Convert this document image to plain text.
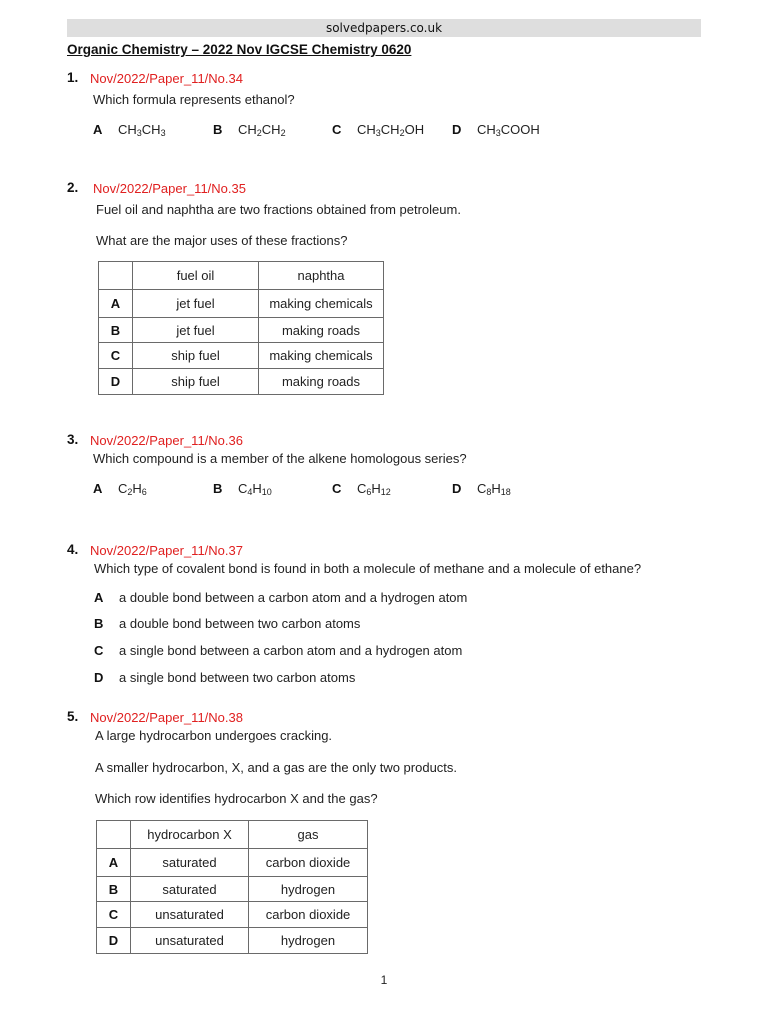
solvedpapers.co.uk
Organic Chemistry – 2022 Nov IGCSE Chemistry 0620
1. Nov/2022/Paper_11/No.34
Which formula represents ethanol?
A $CH_3CH_3$	B $CH_2CH_2$	C $CH_3CH_2OH$ D $CH_3COOH$
2. Nov/2022/Paper_11/No.35
Fuel oil and naphtha are two fractions obtained from petroleum.
What are the major uses of these fractions?
	fuel oil	naphtha
A	jet fuel	making chemicals
B	jet fuel	making roads
C	ship fuel	making chemicals
D	ship fuel	making roads
3. Nov/2022/Paper_11/No.36
Which compound is a member of the alkene homologous series?
A $C_2H_6$	B $C_4H_{10}$	C $C_6H_{12}$	D $C_8H_{18}$
4. Nov/2022/Paper_11/No.37
Which type of covalent bond is found in both a molecule of methane and a molecule of ethane?
A a double bond between a carbon atom and a hydrogen atom
B a double bond between two carbon atoms
C a single bond between a carbon atom and a hydrogen atom
D a single bond between two carbon atoms
5. Nov/2022/Paper_11/No.38
A large hydrocarbon undergoes cracking.
A smaller hydrocarbon, X, and a gas are the only two products.
Which row identifies hydrocarbon X and the gas?
	hydrocarbon X	gas
A	saturated	carbon dioxide
B	saturated	hydrogen
C	unsaturated	carbon dioxide
D	unsaturated	hydrogen
1
